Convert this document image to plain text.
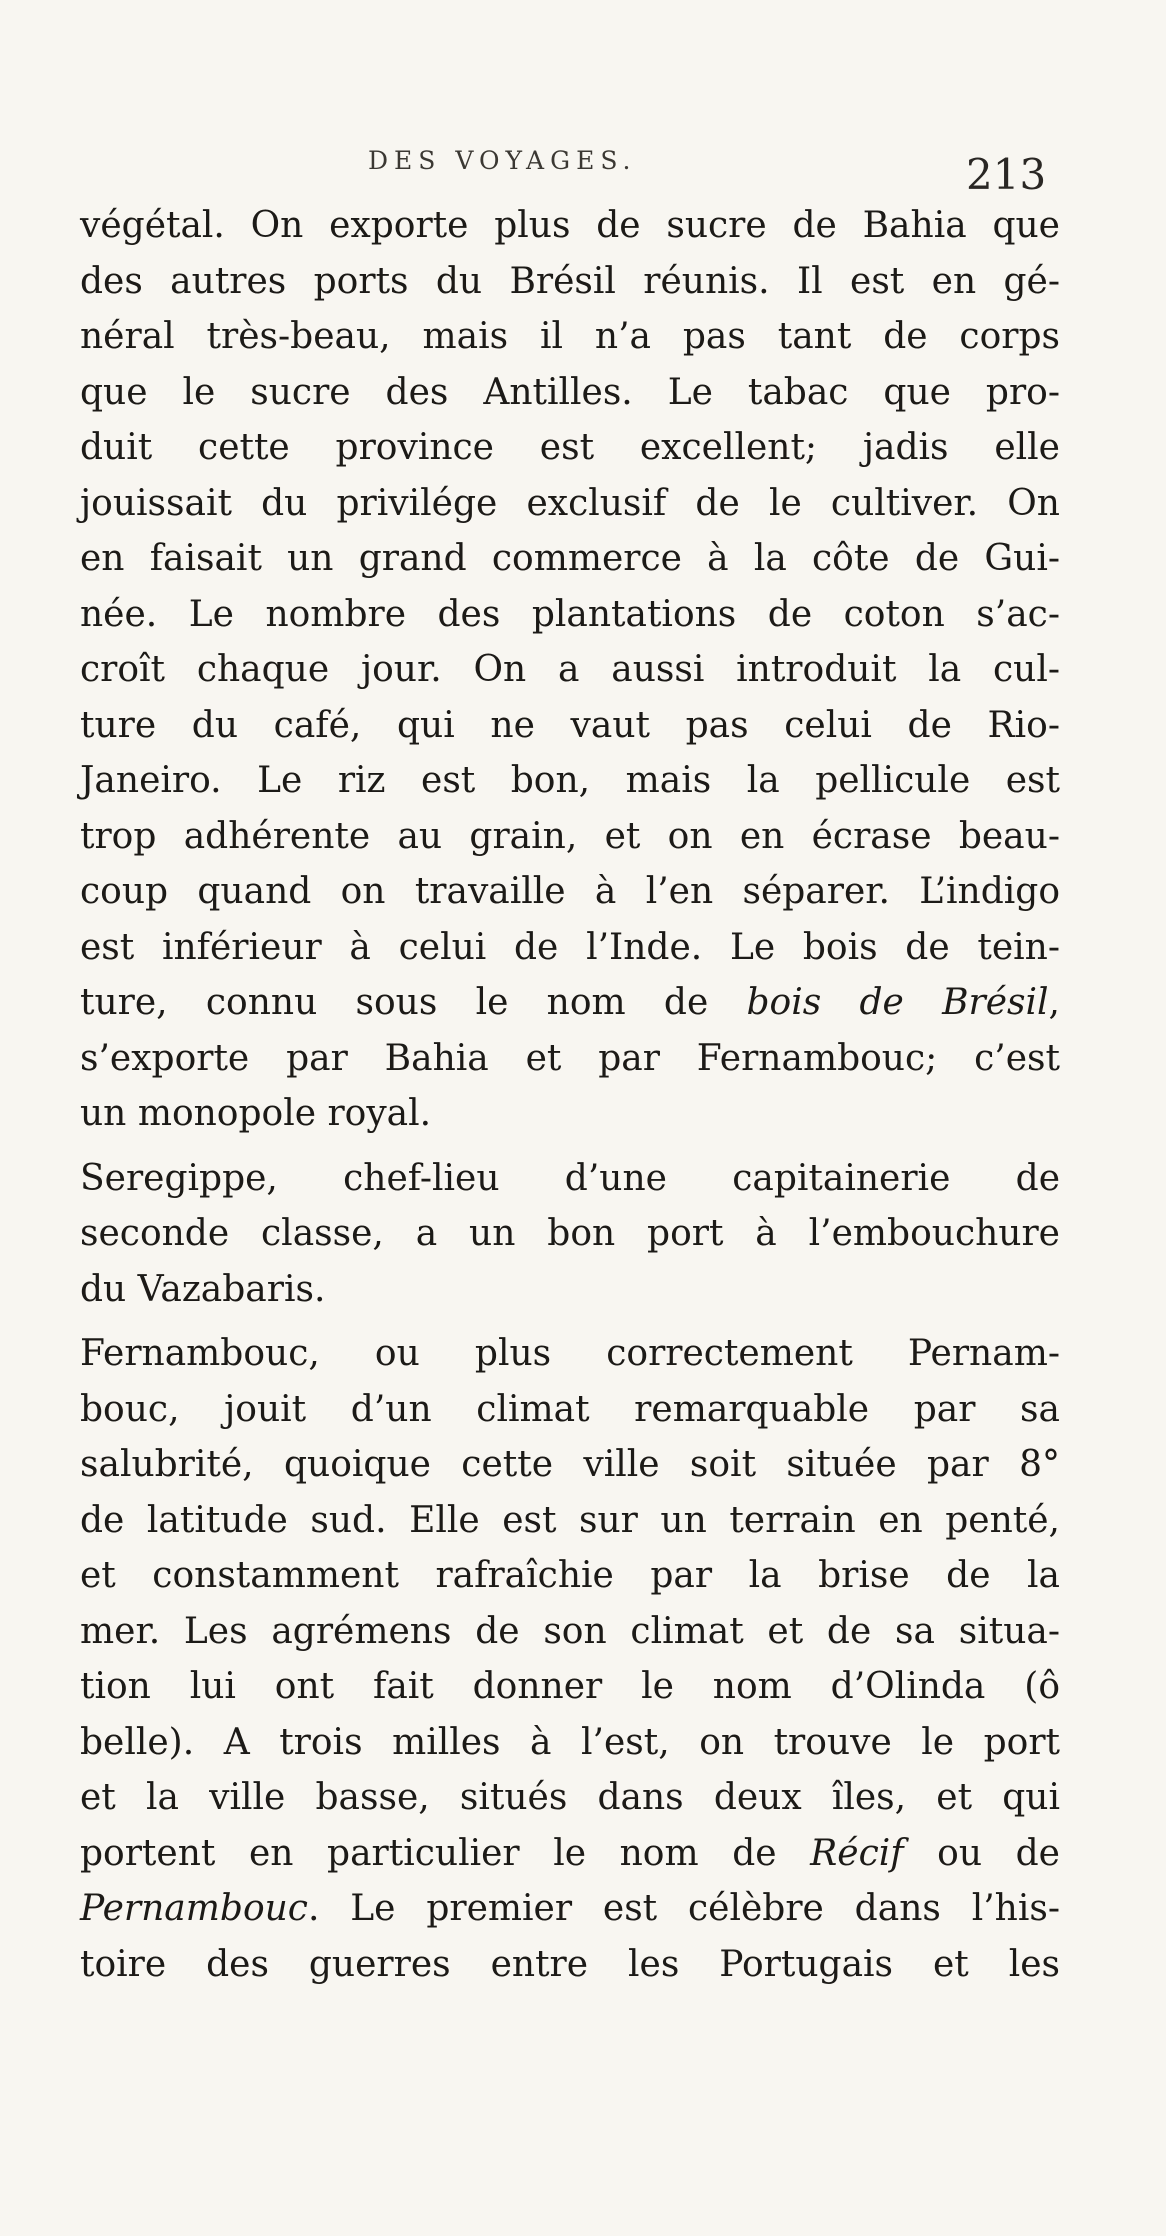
DES VOYAGES.	213
végétal. On exporte plus de sucre de Bahia que
des autres ports du Brésil réunis. Il est en gé-
néral très-beau, mais il n’a pas tant de corps
que le sucre des Antilles. Le tabac que pro-
duit cette province est excellent; jadis elle
jouissait du privilége exclusif de le cultiver. On
en faisait un grand commerce à la côte de Gui-
née. Le nombre des plantations de coton s’ac-
croît chaque jour. On a aussi introduit la cul-
ture du café, qui ne vaut pas celui de Rio-
Janeiro. Le riz est bon, mais la pellicule est
trop adhérente au grain, et on en écrase beau-
coup quand on travaille à l’en séparer. L’indigo
est inférieur à celui de l’Inde. Le bois de tein-
ture, connu sous le nom de bois de Brésil,
s’exporte par Bahia et par Fernambouc; c’est
un monopole royal.
Seregippe, chef-lieu d’une capitainerie de
seconde classe, a un bon port à l’embouchure
du Vazabaris.
Fernambouc, ou plus correctement Pernam-
bouc, jouit d’un climat remarquable par sa
salubrité, quoique cette ville soit située par 8°
de latitude sud. Elle est sur un terrain en penté,
et constamment rafraîchie par la brise de la
mer. Les agrémens de son climat et de sa situa-
tion lui ont fait donner le nom d’Olinda (ô
belle). A trois milles à l’est, on trouve le port
et la ville basse, situés dans deux îles, et qui
portent en particulier le nom de Récif ou de
Pernambouc. Le premier est célèbre dans l’his-
toire des guerres entre les Portugais et les
